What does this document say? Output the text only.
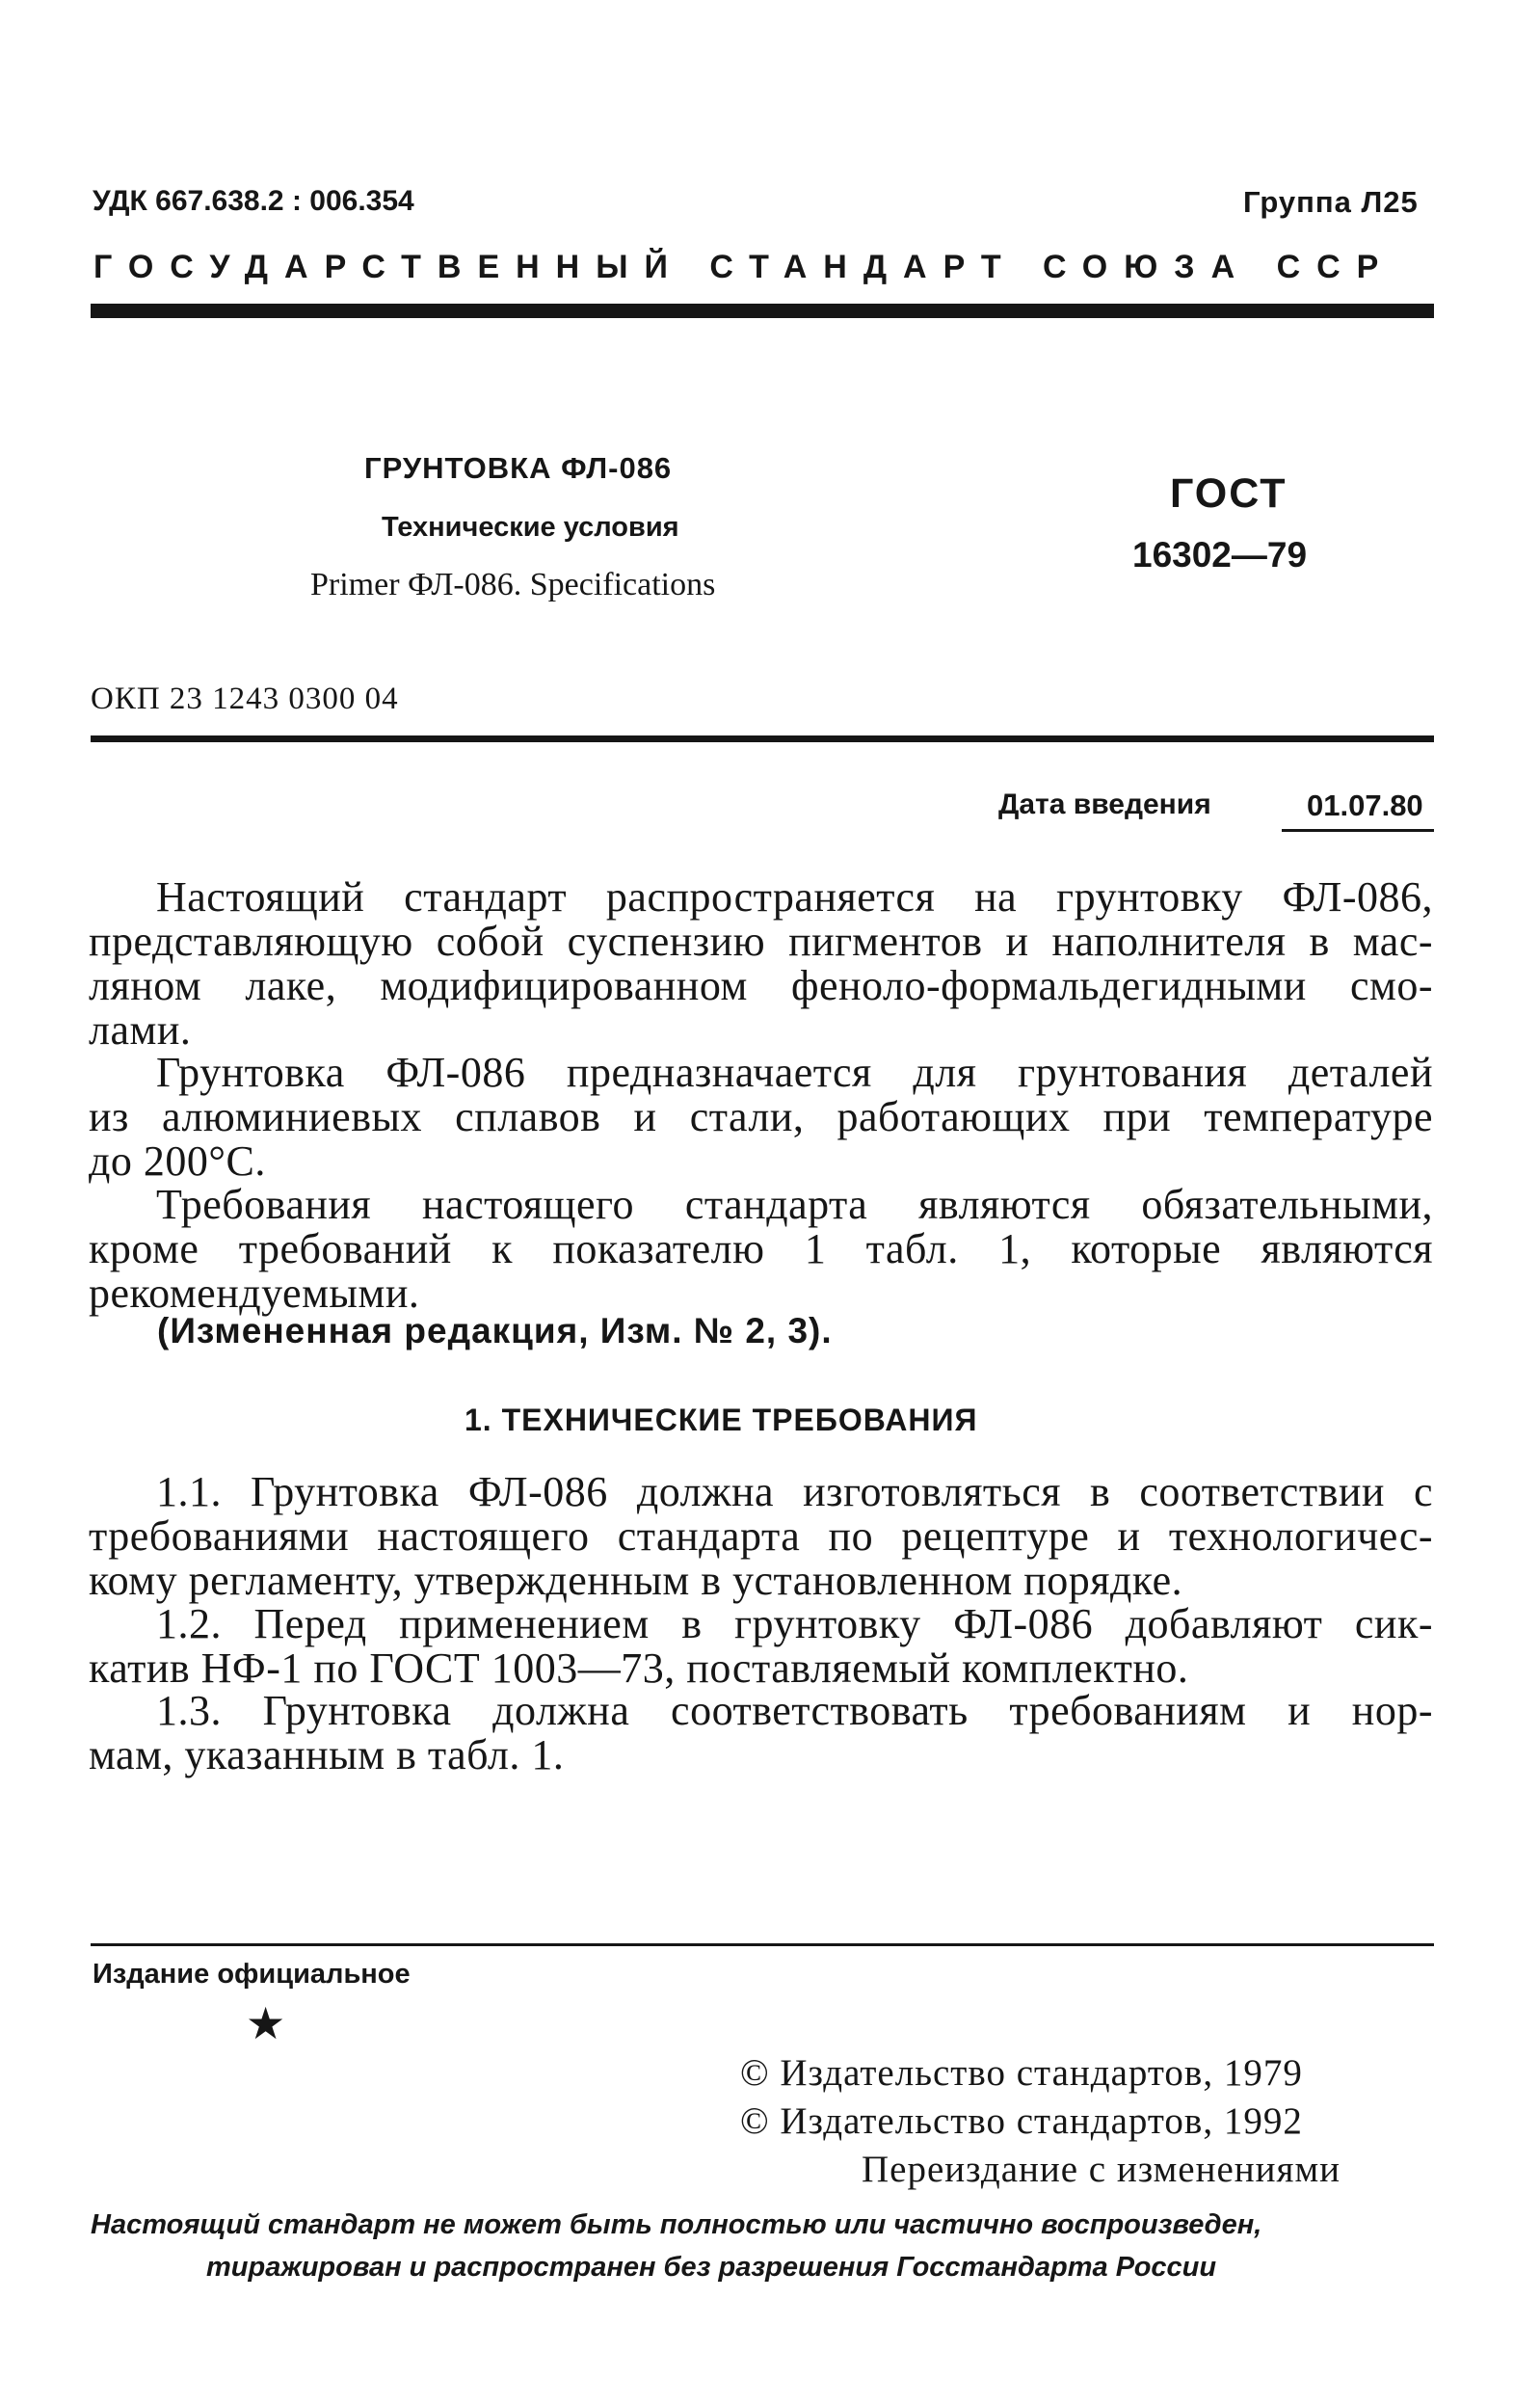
УДК 667.638.2 : 006.354	Группа Л25
ГОСУДАРСТВЕННЫЙ СТАНДАРТ СОЮЗА ССР
ГРУНТОВКА ФЛ-086
Технические условия
Primer ФЛ-086. Specifications
ГОСТ
16302—79
ОКП 23 1243 0300 04
Дата введения	01.07.80
Настоящий стандарт распространяется на грунтовку ФЛ-086,
представляющую собой суспензию пигментов и наполнителя в мас-
ляном лаке, модифицированном феноло-формальдегидными смо-
лами.
Грунтовка ФЛ-086 предназначается для грунтования деталей
из алюминиевых сплавов и стали, работающих при температуре
до 200°С.
Требования настоящего стандарта являются обязательными,
кроме требований к показателю 1 табл. 1, которые являются
рекомендуемыми.
(Измененная редакция, Изм. № 2, 3).
1. ТЕХНИЧЕСКИЕ ТРЕБОВАНИЯ
1.1. Грунтовка ФЛ-086 должна изготовляться в соответствии с
требованиями настоящего стандарта по рецептуре и технологичес-
кому регламенту, утвержденным в установленном порядке.
1.2. Перед применением в грунтовку ФЛ-086 добавляют сик-
катив НФ-1 по ГОСТ 1003—73, поставляемый комплектно.
1.3. Грунтовка должна соответствовать требованиям и нор-
мам, указанным в табл. 1.
Издание официальное
★
© Издательство стандартов, 1979
© Издательство стандартов, 1992
Переиздание с изменениями
Настоящий стандарт не может быть полностью или частично воспроизведен,
тиражирован и распространен без разрешения Госстандарта России
